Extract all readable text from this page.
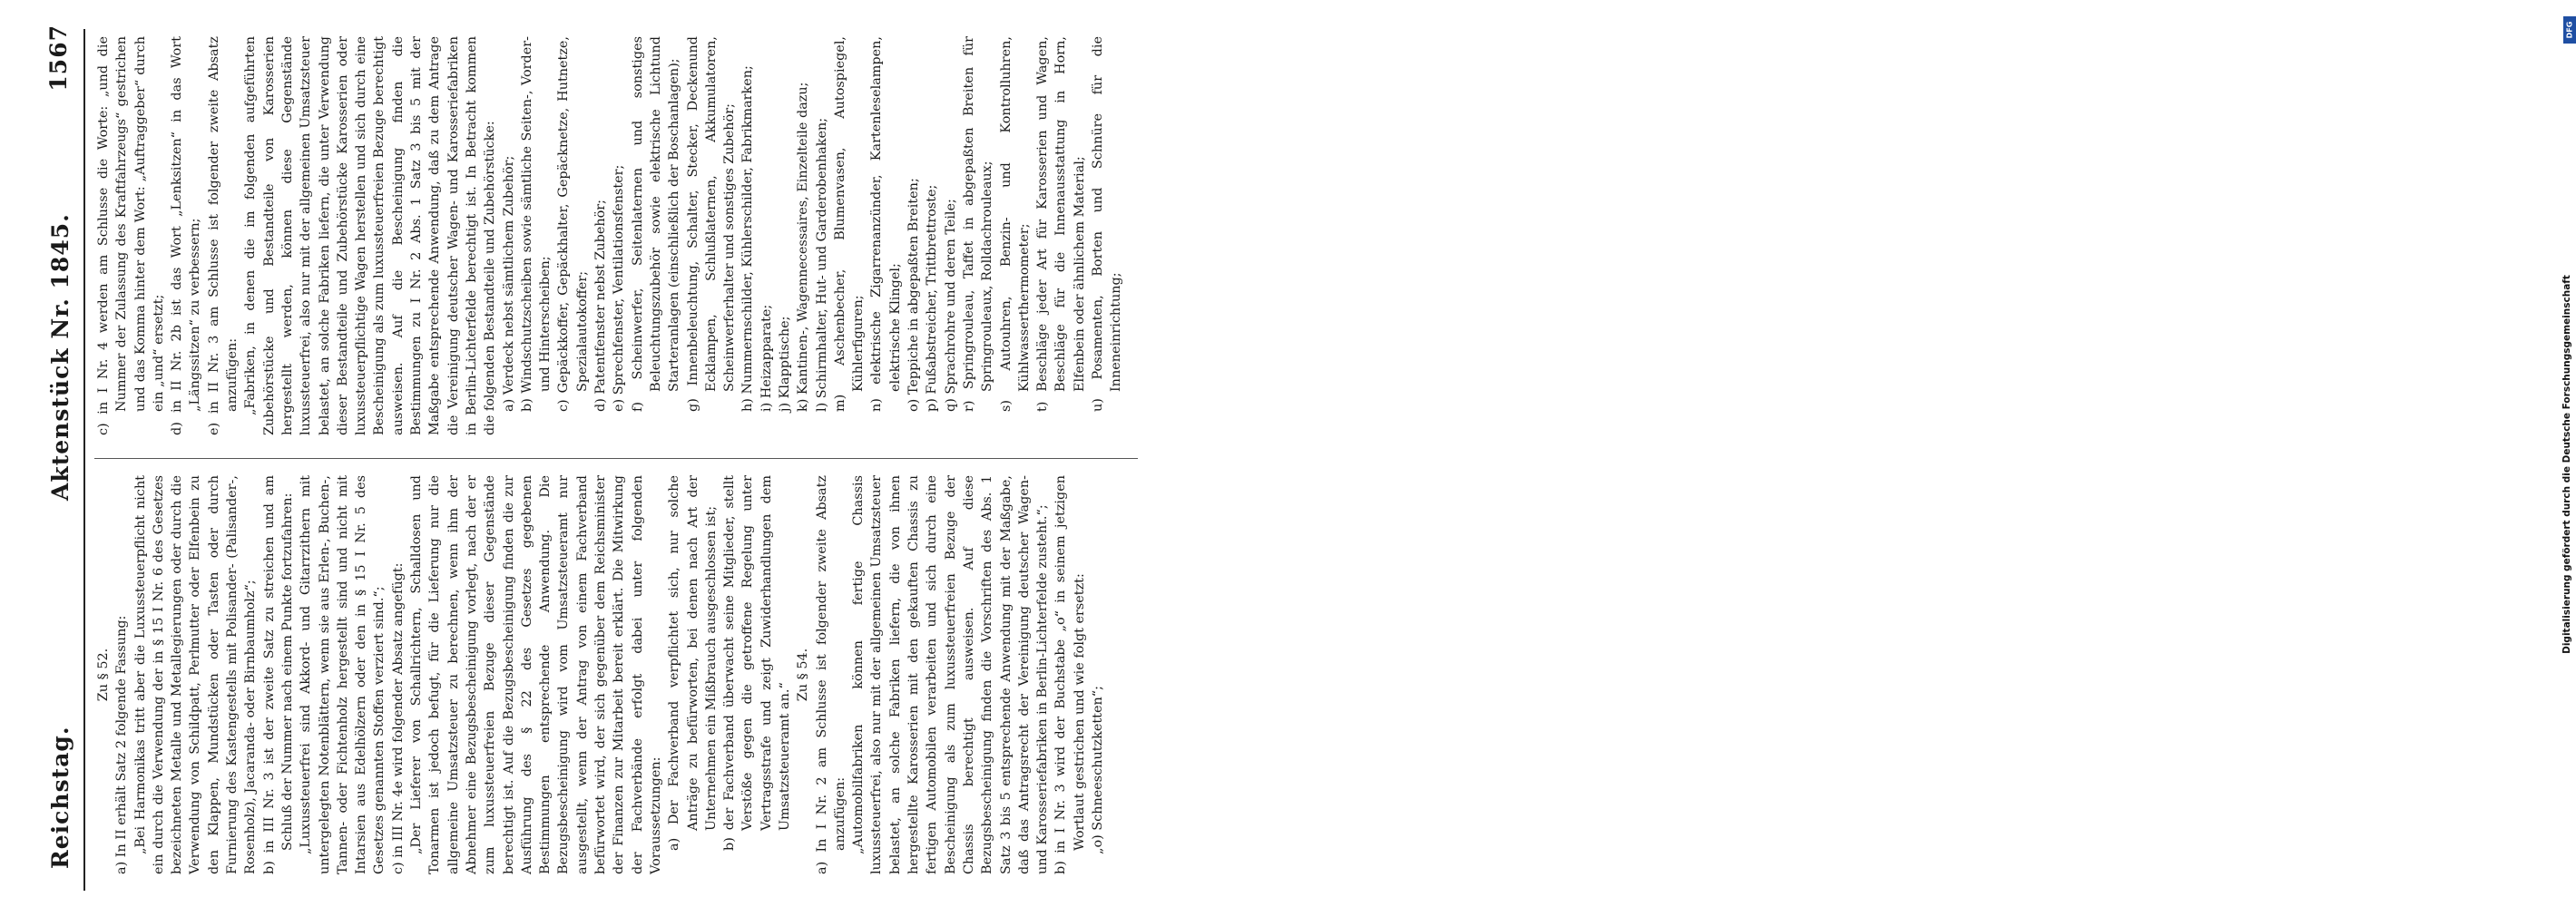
Reichstag.
Aktenstück Nr. 1845.
1567

Zu § 52. a) In II erhält Satz 2 folgende Fassung: „Bei Harmonikas tritt aber die Luxussteuerpflicht nicht ein durch die Verwendung der in § 15 I Nr. 6 des Gesetzes bezeichneten Metalle und Metallegierungen oder durch die Verwendung von Schildpatt, Perlmutter oder Elfenbein zu den Klappen, Mundstücken oder Tasten oder durch Furnierung des Kastengestells mit Polisander- (Palisander-, Rosenholz), Jacaranda- oder Birnbaumholz“; b) in III Nr. 3 ist der zweite Satz zu streichen und am Schluß der Nummer nach einem Punkte fortzufahren: „Luxussteuerfrei sind Akkord- und Gitarrzithern mit untergelegten Notenblättern, wenn sie aus Erlen-, Buchen-, Tannen- oder Fichtenholz hergestellt sind und nicht mit Intarsien aus Edelhölzern oder den in § 15 I Nr. 5 des Gesetzes genannten Stoffen verziert sind.“; c) in III Nr. 4e wird folgender Absatz angefügt: „Der Lieferer von Schallrichtern, Schalldosen und Tonarmen ist jedoch befugt, für die Lieferung nur die allgemeine Umsatzsteuer zu berechnen, wenn ihm der Abnehmer eine Bezugsbescheinigung vorlegt, nach der er zum luxussteuerfreien Bezuge dieser Gegenstände berechtigt ist. Auf die Bezugsbescheinigung finden die zur Ausführung des § 22 des Gesetzes gegebenen Bestimmungen entsprechende Anwendung. Die Bezugsbescheinigung wird vom Umsatzsteueramt nur ausgestellt, wenn der Antrag von einem Fachverband befürwortet wird, der sich gegenüber dem Reichsminister der Finanzen zur Mitarbeit bereit erklärt. Die Mitwirkung der Fachverbände erfolgt dabei unter folgenden Voraussetzungen: a) Der Fachverband verpflichtet sich, nur solche Anträge zu befürworten, bei denen nach Art der Unternehmen ein Mißbrauch ausgeschlossen ist; b) der Fachverband überwacht seine Mitglieder, stellt Verstöße gegen die getroffene Regelung unter Vertragsstrafe und zeigt Zuwiderhandlungen dem Umsatzsteueramt an.“

Zu § 54. a) In I Nr. 2 am Schlusse ist folgender zweite Absatz anzufügen: „Automobilfabriken können fertige Chassis luxussteuerfrei, also nur mit der allgemeinen Umsatzsteuer belastet, an solche Fabriken liefern, die von ihnen hergestellte Karosserien mit den gekauften Chassis zu fertigen Automobilen verarbeiten und sich durch eine Bescheinigung als zum luxussteuerfreien Bezuge der Chassis berechtigt ausweisen. Auf diese Bezugsbescheinigung finden die Vorschriften des Abs. 1 Satz 3 bis 5 entsprechende Anwendung mit der Maßgabe, daß das Antragsrecht der Vereinigung deutscher Wagen- und Karosseriefabriken in Berlin-Lichterfelde zusteht.“; b) in I Nr. 3 wird der Buchstabe „o“ in seinem jetzigen Wortlaut gestrichen und wie folgt ersetzt: „o) Schneeschutzketten“;

c) in I Nr. 4 werden am Schlusse die Worte: „und die Nummer der Zulassung des Kraftfahrzeugs“ gestrichen und das Komma hinter dem Wort: „Auftraggeber“ durch ein „und“ ersetzt; d) in II Nr. 2b ist das Wort „Lenksitzen“ in das Wort „Längssitzen“ zu verbessern; e) in II Nr. 3 am Schlusse ist folgender zweite Absatz anzufügen: „Fabriken, in denen die im folgenden aufgeführten Zubehörstücke und Bestandteile von Karosserien hergestellt werden, können diese Gegenstände luxussteuerfrei, also nur mit der allgemeinen Umsatzsteuer belastet, an solche Fabriken liefern, die unter Verwendung dieser Bestandteile und Zubehörstücke Karosserien oder luxussteuerpflichtige Wagen herstellen und sich durch eine Bescheinigung als zum luxussteuerfreien Bezuge berechtigt ausweisen. Auf die Bescheinigung finden die Bestimmungen zu I Nr. 2 Abs. 1 Satz 3 bis 5 mit der Maßgabe entsprechende Anwendung, daß zu dem Antrage die Vereinigung deutscher Wagen- und Karosseriefabriken in Berlin-Lichterfelde berechtigt ist. In Betracht kommen die folgenden Bestandteile und Zubehörstücke: a) Verdeck nebst sämtlichem Zubehör; b) Windschutzscheiben sowie sämtliche Seiten-, Vorder- und Hinterscheiben; c) Gepäckkoffer, Gepäckhalter, Gepäcknetze, Hutnetze, Spezialautokoffer; d) Patentfenster nebst Zubehör; e) Sprechfenster, Ventilationsfenster; f) Scheinwerfer, Seitenlaternen und sonstiges Beleuchtungszubehör sowie elektrische Lichtund Starteranlagen (einschließlich der Boschanlagen); g) Innenbeleuchtung, Schalter, Stecker, Deckenund Ecklampen, Schlußlaternen, Akkumulatoren, Scheinwerferhalter und sonstiges Zubehör; h) Nummernschilder, Kühlerschilder, Fabrikmarken; i) Heizapparate; j) Klapptische; k) Kantinen-, Wagennecessaires, Einzelteile dazu; l) Schirmhalter, Hut- und Garderobenhaken; m) Aschenbecher, Blumenvasen, Autospiegel, Kühlerfiguren; n) elektrische Zigarrenanzünder, Kartenleselampen, elektrische Klingel; o) Teppiche in abgepaßten Breiten; p) Fußabstreicher, Trittbrettroste; q) Sprachrohre und deren Teile; r) Springrouleau, Taffet in abgepaßten Breiten für Springrouleaux, Rolldachrouleaux; s) Autouhren, Benzin- und Kontrolluhren, Kühlwasserthermometer; t) Beschläge jeder Art für Karosserien und Wagen, Beschläge für die Innenausstattung in Horn, Elfenbein oder ähnlichem Material; u) Posamenten, Borten und Schnüre für die Inneneinrichtung;

DFG
Digitalisierung gefördert durch die Deutsche Forschungsgemeinschaft
